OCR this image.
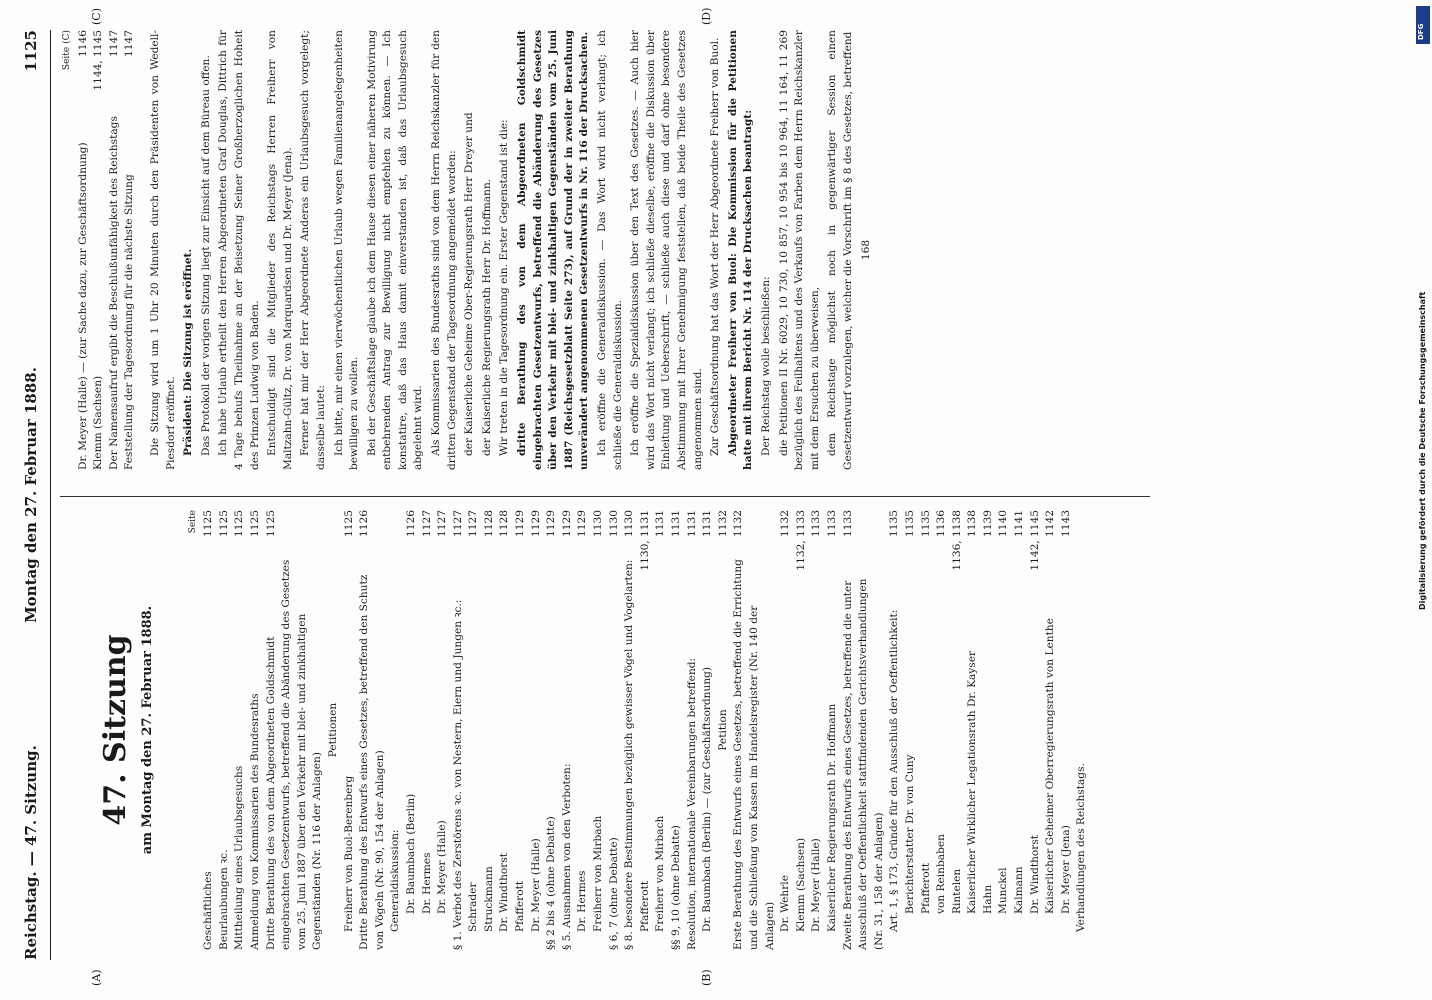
Reichstag. — 47. Sitzung.
Montag den 27. Februar 1888.
1125
(A)	(B)
(C)	(D)
47. Sitzung am Montag den 27. Februar 1888.
Seite
Geschäftliches
1125
Beurlaubungen ꝛc.
1125
Mittheilung eines Urlaubsgesuchs
1125
Anmeldung von Kommissarien des Bundesraths
1125
Dritte Berathung des von dem Abgeordneten Goldschmidt eingebrachten Gesetzentwurfs, betreffend die Abänderung des Gesetzes vom 25. Juni 1887 über den Verkehr mit blei- und zinkhaltigen Gegenständen (Nr. 116 der Anlagen)
1125
Petitionen
Freiherr von Buol-Berenberg
1125
Dritte Berathung des Entwurfs eines Gesetzes, betreffend den Schutz von Vögeln (Nr. 90, 154 der Anlagen)
1126
Generaldiskussion: Dr. Baumbach (Berlin)
1126
Dr. Hermes
1127
Dr. Meyer (Halle)
1127
§ 1. Verbot des Zerstörens ꝛc. von Nestern, Eiern und Jungen ꝛc.:
1127
Schrader
1127
Struckmann
1128
Dr. Windthorst
1128
Pfafferott
1129
Dr. Meyer (Halle)
1129
§§ 2 bis 4 (ohne Debatte)
1129
§ 5. Ausnahmen von den Verboten:
1129
Dr. Hermes
1129
Freiherr von Mirbach
1130
§ 6, 7 (ohne Debatte)
1130
§ 8. besondere Bestimmungen bezüglich gewisser Vögel und Vogelarten:
1130
Pfafferott
1130, 1131
Freiherr von Mirbach
1131
§§ 9, 10 (ohne Debatte)
1131
Resolution, internationale Vereinbarungen betreffend:
1131
Dr. Baumbach (Berlin) — (zur Geschäftsordnung)
1131 1132
Petition Erste Berathung des Entwurfs eines Gesetzes, betreffend die Errichtung und die Schließung von Kassen im Handelsregister (Nr. 140 der Anlagen)
1132
Dr. Wehrle
1132
Klemm (Sachsen)
1132, 1133
Dr. Meyer (Halle)
1133
Kaiserlicher Regierungsrath Dr. Hoffmann
1133
Zweite Berathung des Entwurfs eines Gesetzes, betreffend die unter Ausschluß der Oeffentlichkeit stattfindenden Gerichtsverhandlungen (Nr. 31, 158 der Anlagen)
1133
Art. 1, § 173, Gründe für den Ausschluß der Oeffentlichkeit:
1135
Berichterstatter Dr. von Cuny
1135
Pfafferott
1135
von Reinbaben
1136
Rintelen
1136, 1138
Kaiserlicher Wirklicher Legationsrath Dr. Kayser
1138
Hahn
1139
Munckel
1140
Kalmann
1141
Dr. Windthorst
1142, 1145
Kaiserlicher Geheimer Oberregierungsrath von Lenthe
1142
Dr. Meyer (Jena)
1143
Verhandlungen des Reichstags.
Seite (C)
Dr. Meyer (Halle) — (zur Sache dazu, zur Geschäftsordnung)
1146
Klemm (Sachsen)
1144, 1145
Der Namensaufruf ergibt die Beschlußunfähigkeit des Reichstags
1147
Feststellung der Tagesordnung für die nächste Sitzung
1147 Die Sitzung wird um 1 Uhr 20 Minuten durch den Präsidenten von Wedell-Piesdorf eröffnet. Präsident: Die Sitzung ist eröffnet. Das Protokoll der vorigen Sitzung liegt zur Einsicht auf dem Büreau offen. Ich habe Urlaub ertheilt den Herren Abgeordneten Graf Douglas, Dittrich für 4 Tage behufs Theilnahme an der Beisetzung Seiner Großherzoglichen Hoheit des Prinzen Ludwig von Baden. Entschuldigt sind die Mitglieder des Reichstags Herren Freiherr von Maltzahn-Gültz, Dr. von Marquardsen und Dr. Meyer (Jena). Ferner hat mir der Herr Abgeordnete Anderas ein Urlaubsgesuch vorgelegt; dasselbe lautet: Ich bitte, mir einen vierwöchentlichen Urlaub wegen Familienangelegenheiten bewilligen zu wollen. Bei der Geschäftslage glaube ich dem Hause diesen einer näheren Motivirung entbehrenden Antrag zur Bewilligung nicht empfehlen zu können. — Ich konstatire, daß das Haus damit einverstanden ist, daß das Urlaubsgesuch abgelehnt wird. Als Kommissarien des Bundesraths sind von dem Herrn Reichskanzler für den dritten Gegenstand der Tagesordnung angemeldet worden: der Kaiserliche Geheime Ober-Regierungsrath Herr Dreyer und der Kaiserliche Regierungsrath Herr Dr. Hoffmann. Wir treten in die Tagesordnung ein. Erster Gegenstand ist die: dritte Berathung des von dem Abgeordneten Goldschmidt eingebrachten Gesetzentwurfs, betreffend die Abänderung des Gesetzes über den Verkehr mit blei- und zinkhaltigen Gegenständen vom 25. Juni 1887 (Reichsgesetzblatt Seite 273), auf Grund der in zweiter Berathung unverändert angenommenen Gesetzentwurfs in Nr. 116 der Drucksachen. Ich eröffne die Generaldiskussion. — Das Wort wird nicht verlangt; ich schließe die Generaldiskussion. Ich eröffne die Spezialdiskussion über den Text des Gesetzes. — Auch hier wird das Wort nicht verlangt; ich schließe dieselbe, eröffne die Diskussion über Einleitung und Ueberschrift, — schließe auch diese und darf ohne besondere Abstimmung mit Ihrer Genehmigung feststellen, daß beide Theile des Gesetzes angenommen sind. Zur Geschäftsordnung hat das Wort der Herr Abgeordnete Freiherr von Buol. Abgeordneter Freiherr von Buol: Die Kommission für die Petitionen hatte mit ihrem Bericht Nr. 114 der Drucksachen beantragt: Der Reichstag wolle beschließen: die Petitionen II Nr. 6029, 10 730, 10 857, 10 954 bis 10 964, 11 164, 11 269 bezüglich des Feilhaltens und des Verkaufs von Farben dem Herrn Reichskanzler mit dem Ersuchen zu überweisen, dem Reichstage möglichst noch in gegenwärtiger Session einen Gesetzentwurf vorzulegen, welcher die Vorschrift im § 8 des Gesetzes, betreffend 168
Digitalisierung gefördert durch die Deutsche Forschungsgemeinschaft
DFG
